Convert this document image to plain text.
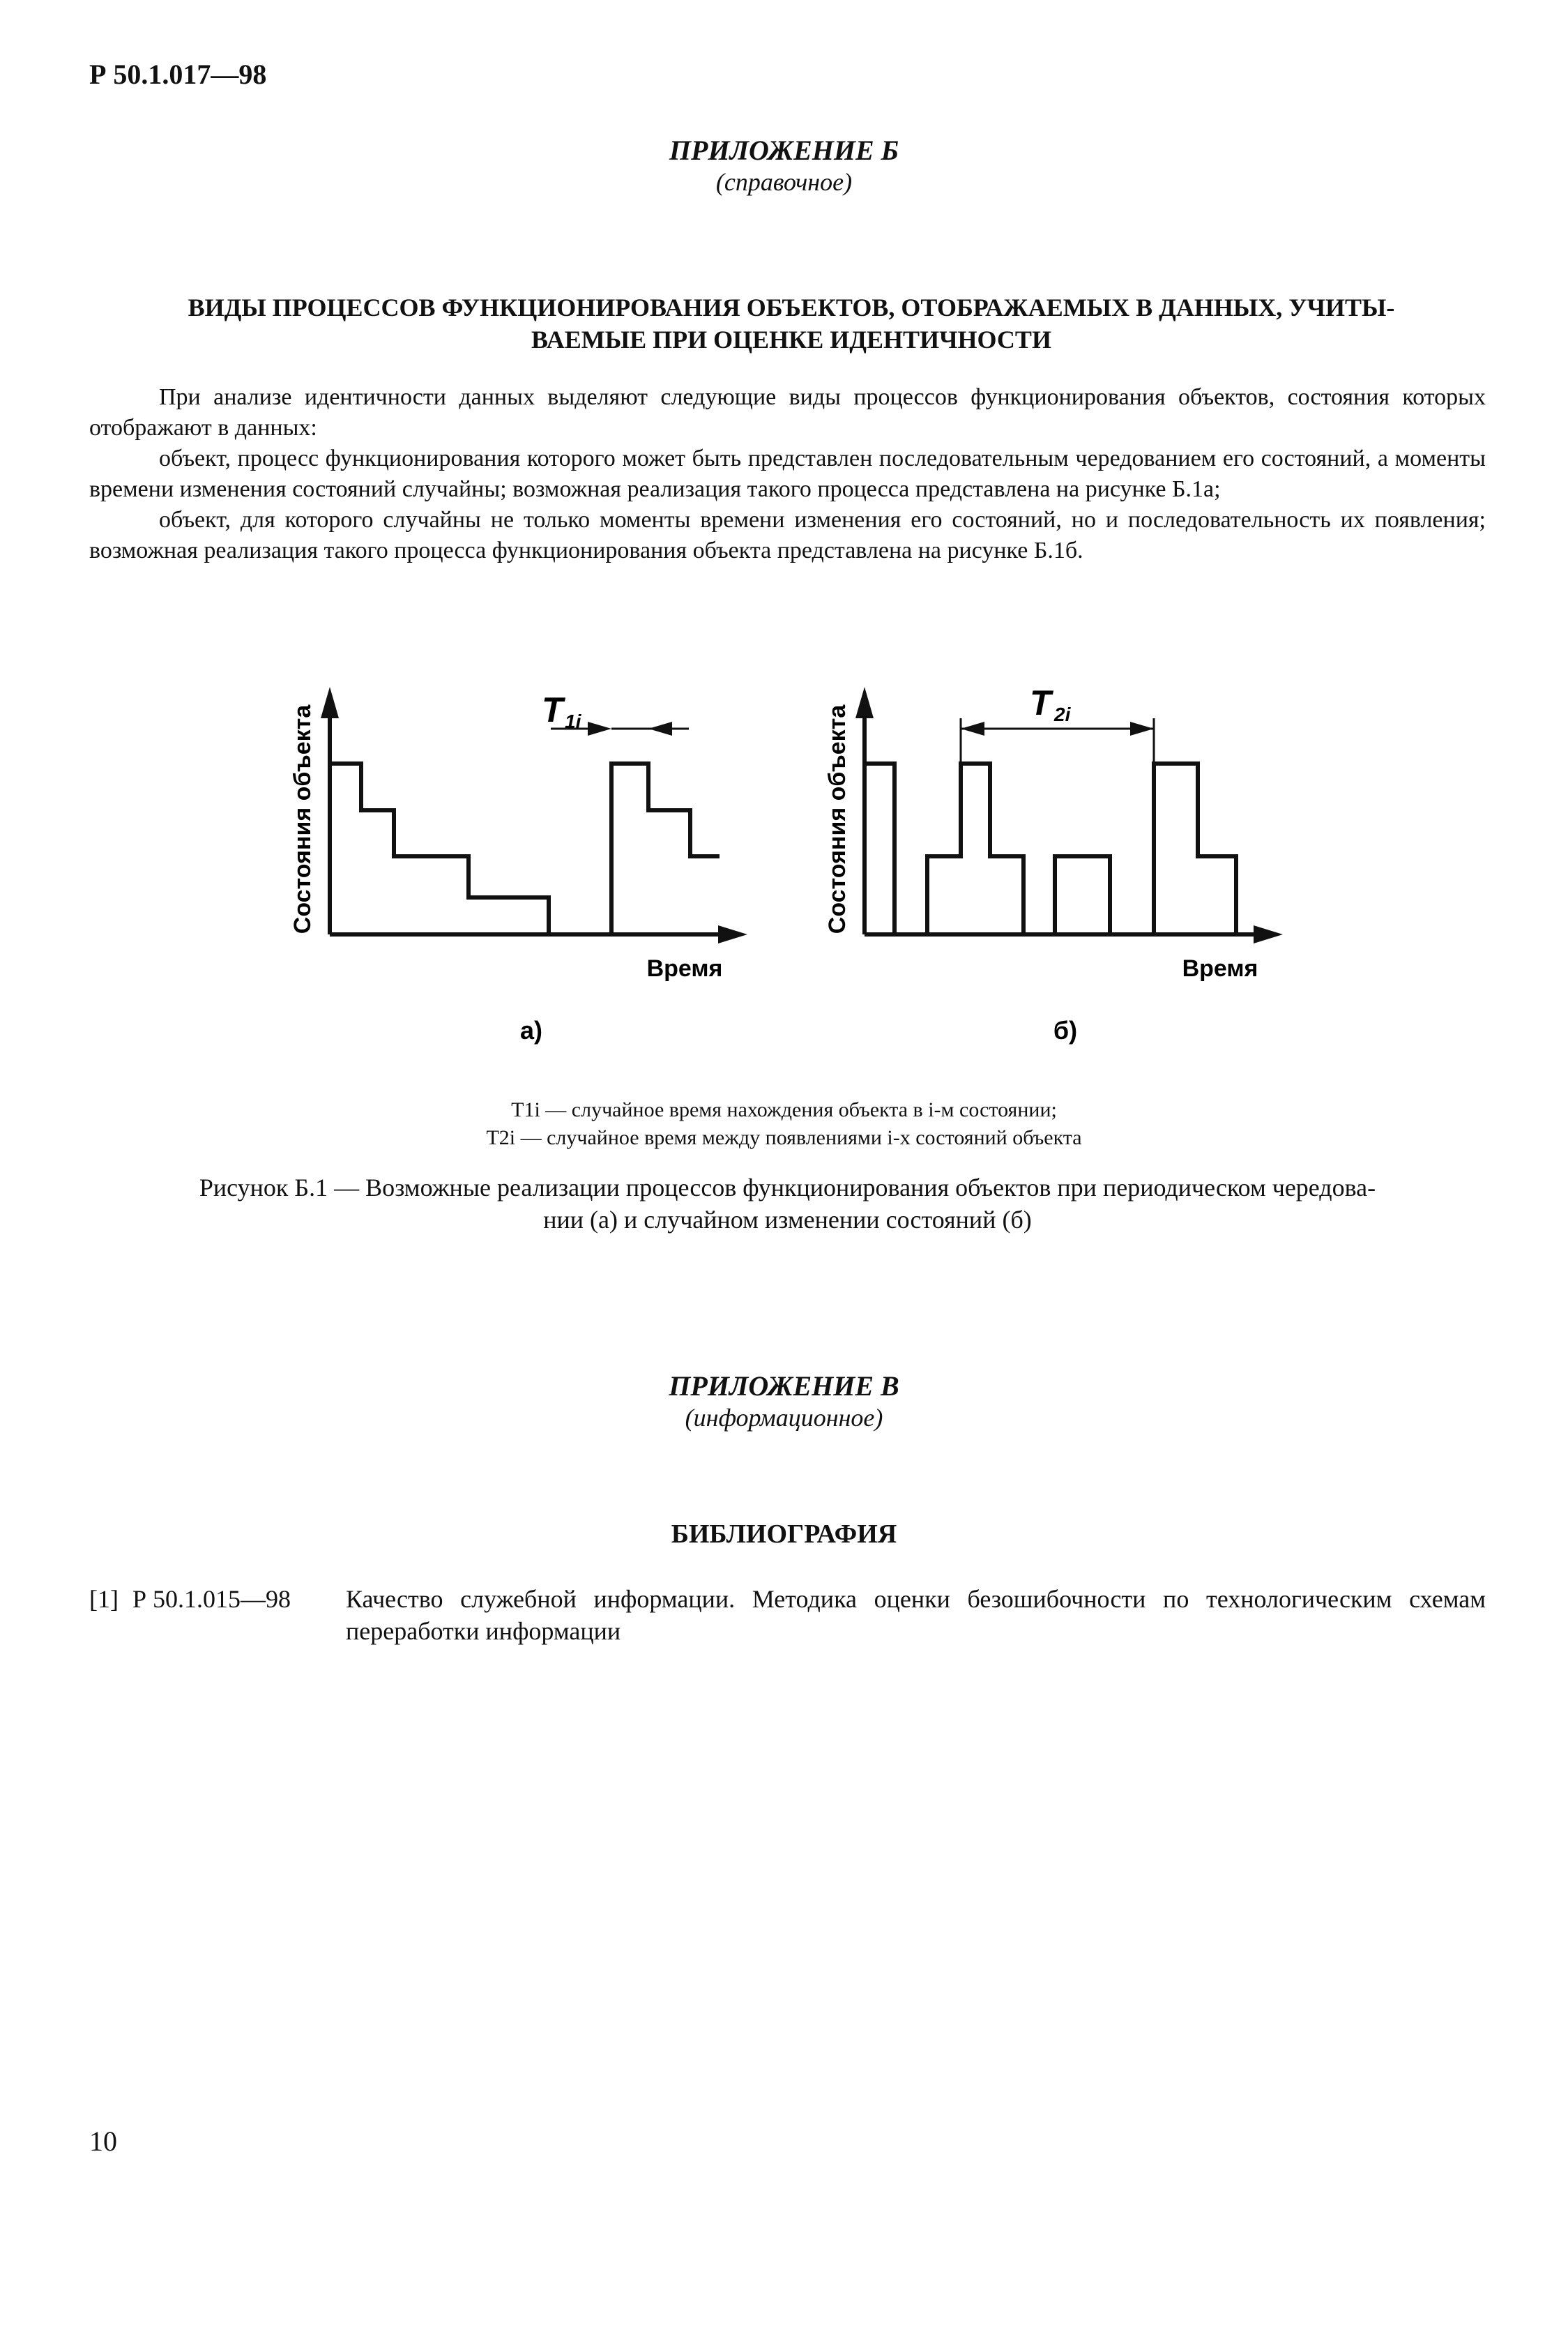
Р 50.1.017—98
ПРИЛОЖЕНИЕ Б
(справочное)
ВИДЫ ПРОЦЕССОВ ФУНКЦИОНИРОВАНИЯ ОБЪЕКТОВ, ОТОБРАЖАЕМЫХ В ДАННЫХ, УЧИТЫ-
ВАЕМЫЕ ПРИ ОЦЕНКЕ ИДЕНТИЧНОСТИ

При анализе идентичности данных выделяют следующие виды процессов функционирования объектов, состояния которых отображают в данных:

объект, процесс функционирования которого может быть представлен последовательным чередованием его состояний, а моменты времени изменения состояний случайны; возможная реализация такого процесса представлена на рисунке Б.1а;

объект, для которого случайны не только моменты времени изменения его состояний, но и последовательность их появления; возможная реализация такого процесса функционирования объекта представлена на рисунке Б.1б.

Состояния объекта
Время
T 1i
а)
Состояния объекта
Время
T 2i
б)
T1i — случайное время нахождения объекта в i-м состоянии;
T2i — случайное время между появлениями i-х состояний объекта
Рисунок Б.1 — Возможные реализации процессов функционирования объектов при периодическом чередова-
нии (а) и случайном изменении состояний (б)
ПРИЛОЖЕНИЕ В
(информационное)
БИБЛИОГРАФИЯ
[1] Р 50.1.015—98 Качество служебной информации. Методика оценки безошибочности по технологическим схемам переработки информации
10
